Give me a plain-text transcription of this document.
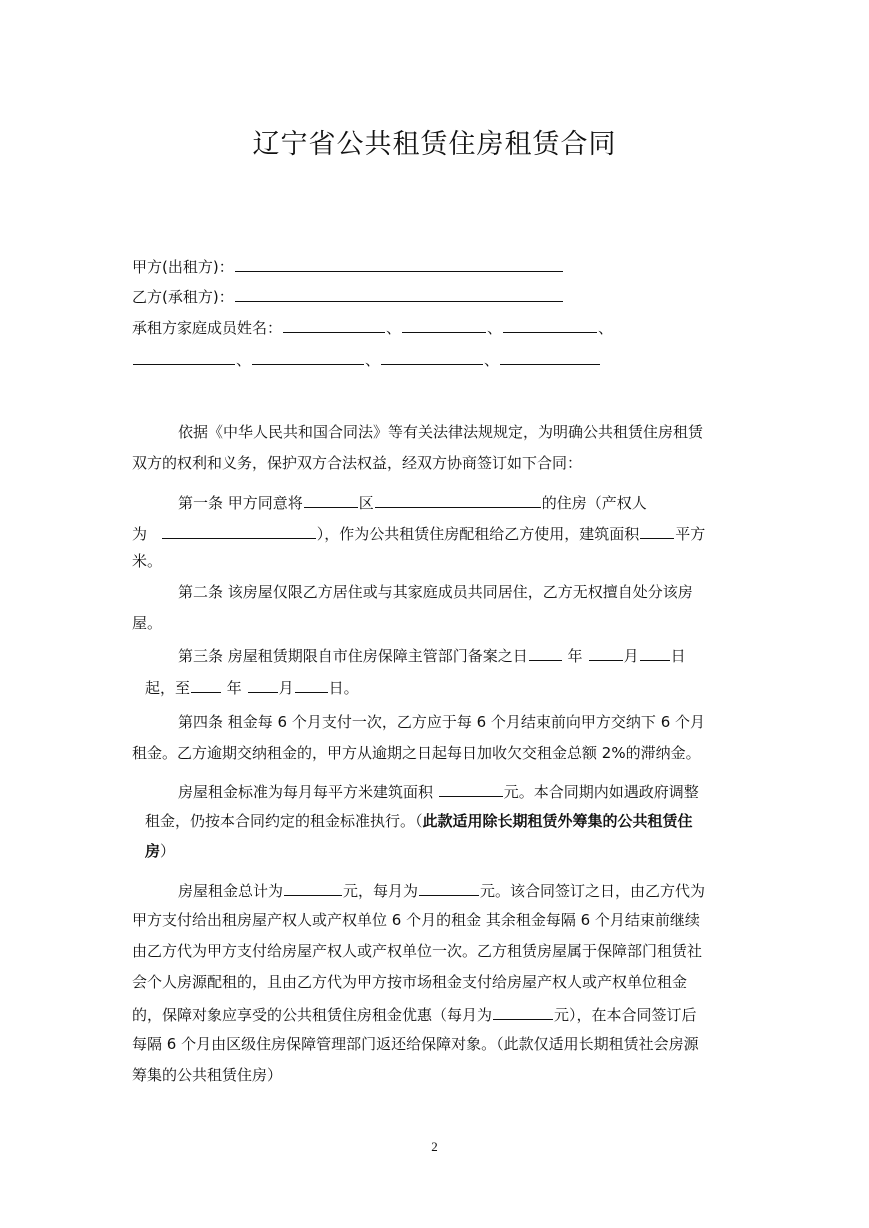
辽宁省公共租赁住房租赁合同
甲方(出租方)：
乙方(承租方)：
承租方家庭成员姓名：	、	、	、
、	、	、
依据《中华人民共和国合同法》等有关法律法规规定，为明确公共租赁住房租赁
双方的权利和义务，保护双方合法权益，经双方协商签订如下合同：
第一条 甲方同意将	区	的住房（产权人
为	），作为公共租赁住房配租给乙方使用，建筑面积 平方
米。
第二条 该房屋仅限乙方居住或与其家庭成员共同居住，乙方无权擅自处分该房
屋。
第三条 房屋租赁期限自市住房保障主管部门备案之日 年	月 日
起，至 年 月 日。
第四条 租金每 6 个月支付一次，乙方应于每 6 个月结束前向甲方交纳下 6 个月
租金。乙方逾期交纳租金的，甲方从逾期之日起每日加收欠交租金总额 2%的滞纳金。
房屋租金标准为每月每平方米建筑面积	元。本合同期内如遇政府调整
租金，仍按本合同约定的租金标准执行。（此款适用除长期租赁外筹集的公共租赁住
房）
房屋租金总计为	元，每月为	元。该合同签订之日，由乙方代为
甲方支付给出租房屋产权人或产权单位 6 个月的租金 其余租金每隔 6 个月结束前继续
由乙方代为甲方支付给房屋产权人或产权单位一次。乙方租赁房屋属于保障部门租赁社
会个人房源配租的，且由乙方代为甲方按市场租金支付给房屋产权人或产权单位租金
的，保障对象应享受的公共租赁住房租金优惠（每月为	元），在本合同签订后
每隔 6 个月由区级住房保障管理部门返还给保障对象。（此款仅适用长期租赁社会房源
筹集的公共租赁住房）
2
